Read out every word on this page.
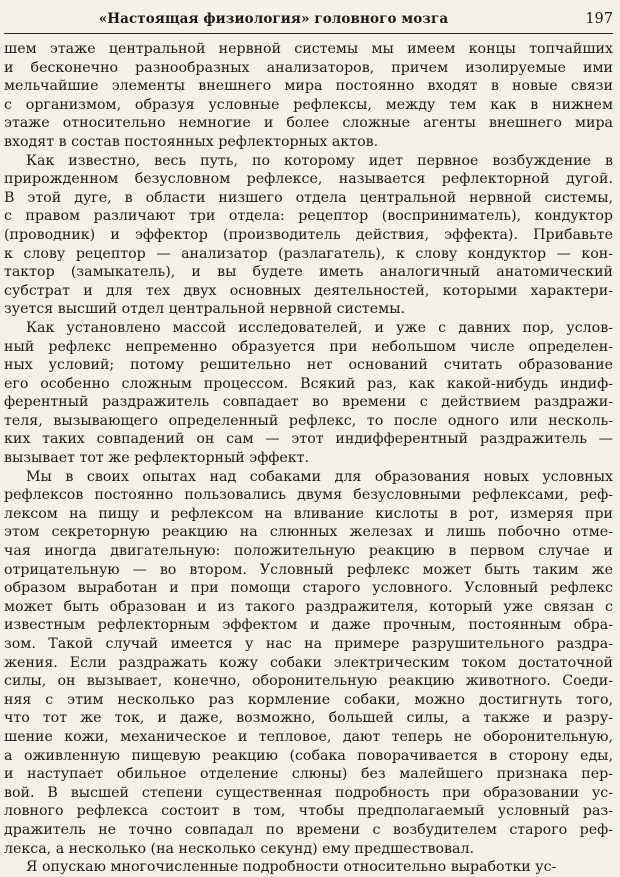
«Настоящая физиология» головного мозга	197
шем этаже центральной нервной системы мы имеем концы топчайших
и бесконечно разнообразных анализаторов, причем изолируемые ими
мельчайшие элементы внешнего мира постоянно входят в новые связи
с организмом, образуя условные рефлексы, между тем как в нижнем
этаже относительно немногие и более сложные агенты внешнего мира
входят в состав постоянных рефлекторных актов.
Как известно, весь путь, по которому идет первное возбуждение в
прирожденном безусловном рефлексе, называется рефлекторной дугой.
В этой дуге, в области низшего отдела центральной нервной системы,
с правом различают три отдела: рецептор (восприниматель), кондуктор
(проводник) и эффектор (производитель действия, эффекта). Прибавьте
к слову рецептор — анализатор (разлагатель), к слову кондуктор — кон-
тактор (замыкатель), и вы будете иметь аналогичный анатомический
субстрат и для тех двух основных деятельностей, которыми характери-
зуется высший отдел центральной нервной системы.
Как установлено массой исследователей, и уже с давних пор, услов-
ный рефлекс непременно образуется при небольшом числе определен-
ных условий; потому решительно нет оснований считать образование
его особенно сложным процессом. Всякий раз, как какой-нибудь индиф-
ферентный раздражитель совпадает во времени с действием раздражи-
теля, вызывающего определенный рефлекс, то после одного или несколь-
ких таких совпадений он сам — этот индифферентный раздражитель —
вызывает тот же рефлекторный эффект.
Мы в своих опытах над собаками для образования новых условных
рефлексов постоянно пользовались двумя безусловными рефлексами, реф-
лексом на пищу и рефлексом на вливание кислоты в рот, измеряя при
этом секреторную реакцию на слюнных железах и лишь побочно отме-
чая иногда двигательную: положительную реакцию в первом случае и
отрицательную — во втором. Условный рефлекс может быть таким же
образом выработан и при помощи старого условного. Условный рефлекс
может быть образован и из такого раздражителя, который уже связан с
известным рефлекторным эффектом и даже прочным, постоянным обра-
зом. Такой случай имеется у нас на примере разрушительного раздра-
жения. Если раздражать кожу собаки электрическим током достаточной
силы, он вызывает, конечно, оборонительную реакцию животного. Соеди-
няя с этим несколько раз кормление собаки, можно достигнуть того,
что тот же ток, и даже, возможно, большей силы, а также и разру-
шение кожи, механическое и тепловое, дают теперь не оборонительную,
а оживленную пищевую реакцию (собака поворачивается в сторону еды,
и наступает обильное отделение слюны) без малейшего признака пер-
вой. В высшей степени существенная подробность при образовании ус-
ловного рефлекса состоит в том, чтобы предполагаемый условный раз-
дражитель не точно совпадал по времени с возбудителем старого реф-
лекса, а несколько (на несколько секунд) ему предшествовал.
Я опускаю многочисленные подробности относительно выработки ус-
